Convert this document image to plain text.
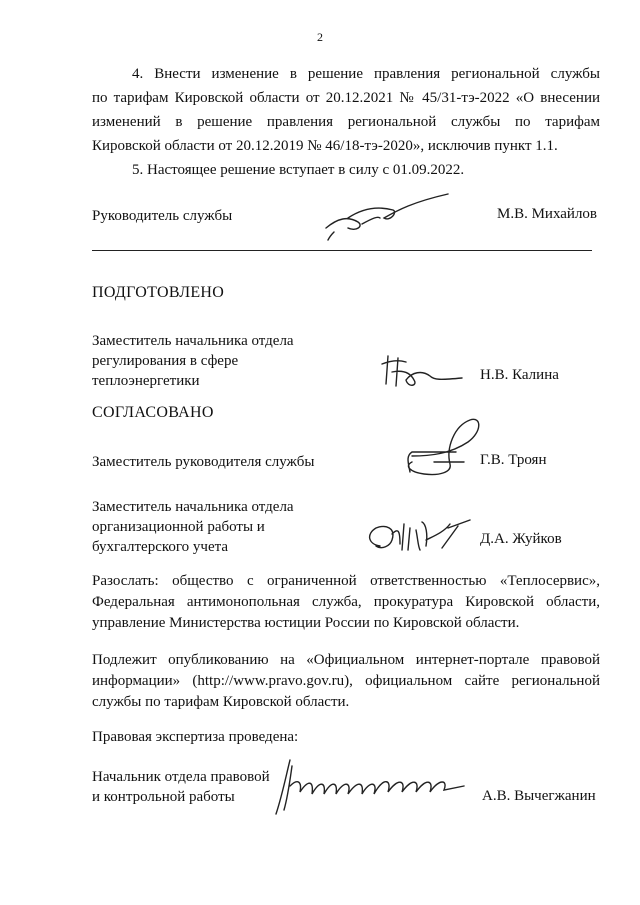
2
4. Внести изменение в решение правления региональной службы
по тарифам Кировской области от 20.12.2021 № 45/31-тэ-2022 «О внесении
изменений в решение правления региональной службы по тарифам
Кировской области от 20.12.2019 № 46/18-тэ-2020», исключив пункт 1.1.
5. Настоящее решение вступает в силу с 01.09.2022.
Руководитель службы	М.В. Михайлов
ПОДГОТОВЛЕНО
Заместитель начальника отдела
регулирования в сфере
теплоэнергетики	Н.В. Калина
СОГЛАСОВАНО
Заместитель руководителя службы	Г.В. Троян
Заместитель начальника отдела
организационной работы и
бухгалтерского учета	Д.А. Жуйков
Разослать: общество с ограниченной ответственностью «Теплосервис»,
Федеральная антимонопольная служба, прокуратура Кировской области,
управление Министерства юстиции России по Кировской области.
Подлежит опубликованию на «Официальном интернет-портале правовой
информации» (http://www.pravo.gov.ru), официальном сайте региональной
службы по тарифам Кировской области.
Правовая экспертиза проведена:
Начальник отдела правовой
и контрольной работы	А.В. Вычегжанин
